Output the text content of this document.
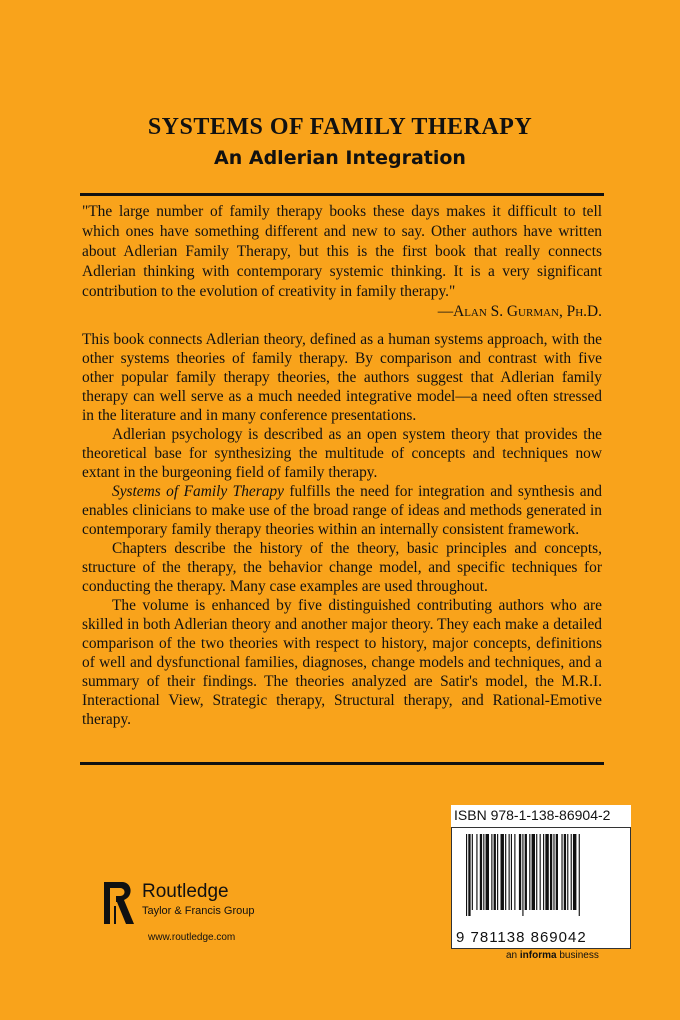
SYSTEMS OF FAMILY THERAPY
An Adlerian Integration
"The large number of family therapy books these days makes it difficult to tell which ones have something different and new to say. Other authors have written about Adlerian Family Therapy, but this is the first book that really connects Adlerian thinking with contemporary systemic thinking. It is a very significant contribution to the evolution of creativity in family therapy."
—Alan S. Gurman, Ph.D.

This book connects Adlerian theory, defined as a human systems approach, with the other systems theories of family therapy. By comparison and contrast with five other popular family therapy theories, the authors suggest that Adlerian family therapy can well serve as a much needed integrative model—a need often stressed in the literature and in many conference presentations.

Adlerian psychology is described as an open system theory that provides the theoretical base for synthesizing the multitude of concepts and techniques now extant in the burgeoning field of family therapy.

Systems of Family Therapy fulfills the need for integration and synthesis and enables clinicians to make use of the broad range of ideas and methods generated in contemporary family therapy theories within an internally consistent framework.

Chapters describe the history of the theory, basic principles and concepts, structure of the therapy, the behavior change model, and specific techniques for conducting the therapy. Many case examples are used throughout.

The volume is enhanced by five distinguished contributing authors who are skilled in both Adlerian theory and another major theory. They each make a detailed comparison of the two theories with respect to history, major concepts, definitions of well and dysfunctional families, diagnoses, change models and techniques, and a summary of their findings. The theories analyzed are Satir's model, the M.R.I. Interactional View, Strategic therapy, Structural therapy, and Rational-Emotive therapy.

Routledge
Taylor & Francis Group
www.routledge.com
ISBN 978-1-138-86904-2
9 781138 869042
an informa business
